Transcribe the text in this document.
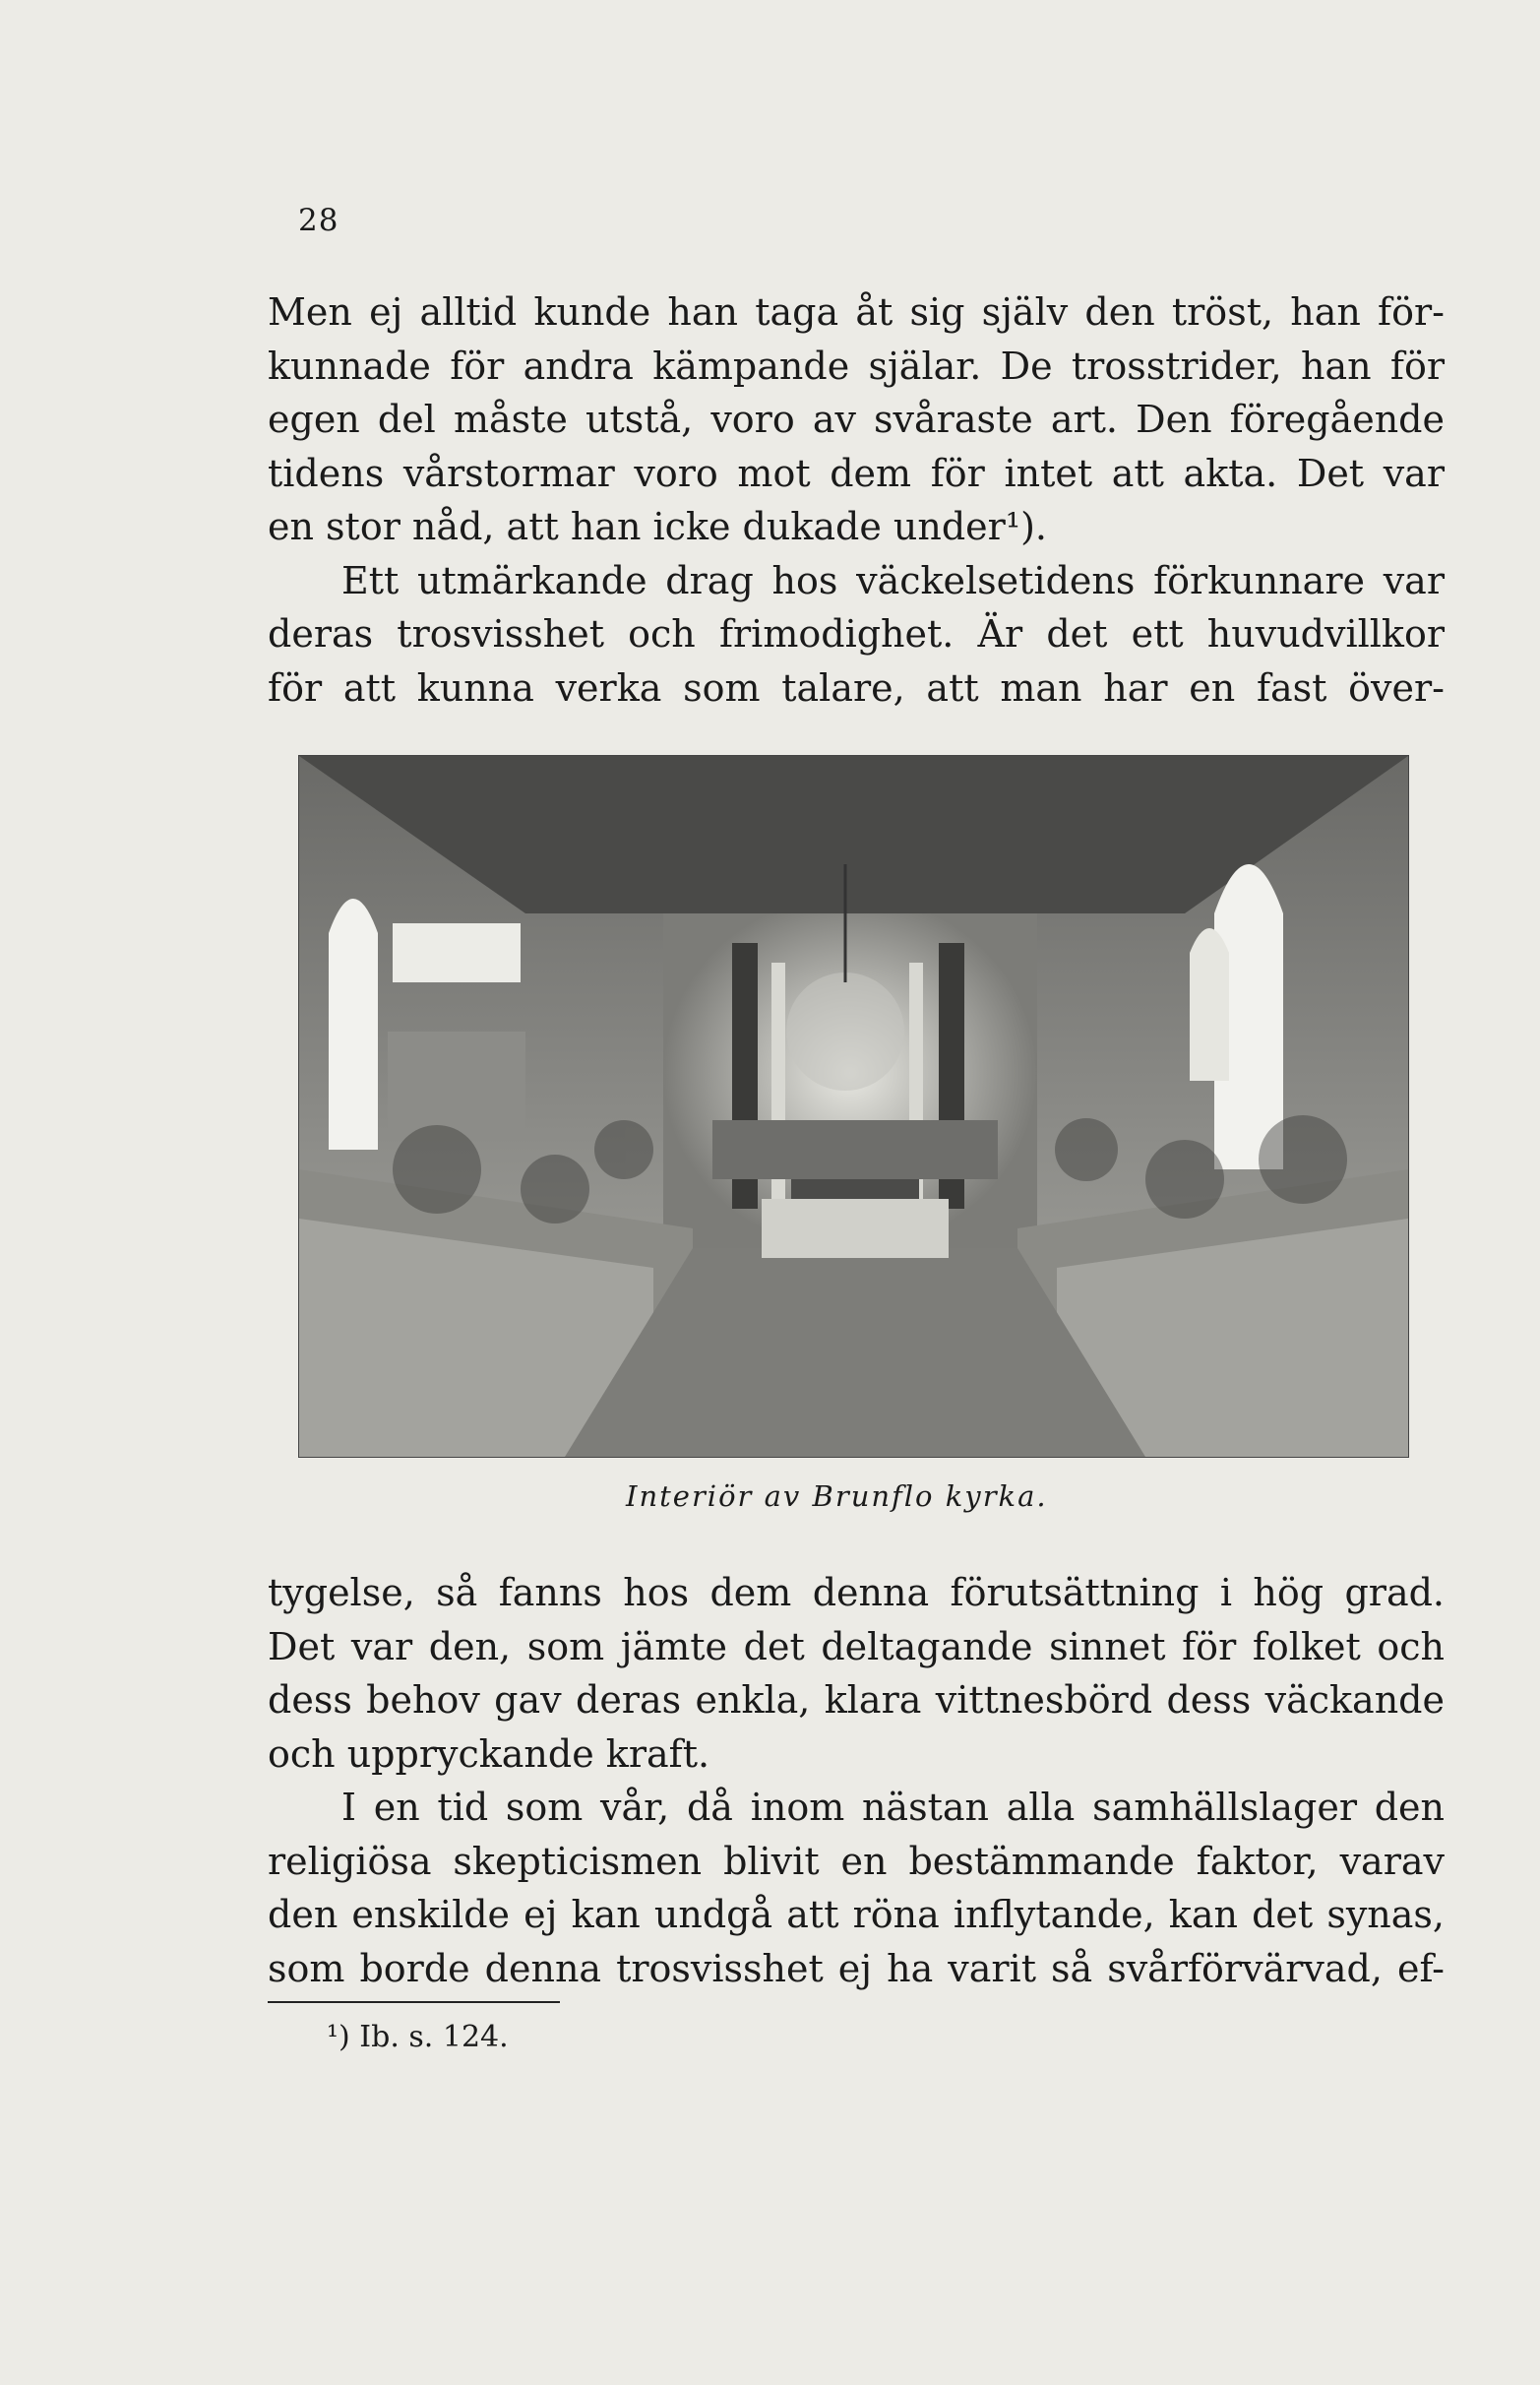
28
Men ej alltid kunde han taga åt sig själv den tröst, han för-
kunnade för andra kämpande själar. De trosstrider, han för
egen del måste utstå, voro av svåraste art. Den föregående
tidens vårstormar voro mot dem för intet att akta. Det var
en stor nåd, att han icke dukade under¹).
Ett utmärkande drag hos väckelsetidens förkunnare var
deras trosvisshet och frimodighet. Är det ett huvudvillkor
för att kunna verka som talare, att man har en fast över-
Interiör av Brunflo kyrka.
tygelse, så fanns hos dem denna förutsättning i hög grad.
Det var den, som jämte det deltagande sinnet för folket och
dess behov gav deras enkla, klara vittnesbörd dess väckande
och uppryckande kraft.
I en tid som vår, då inom nästan alla samhällslager den
religiösa skepticismen blivit en bestämmande faktor, varav
den enskilde ej kan undgå att röna inflytande, kan det synas,
som borde denna trosvisshet ej ha varit så svårförvärvad, ef-
¹) Ib. s. 124.
